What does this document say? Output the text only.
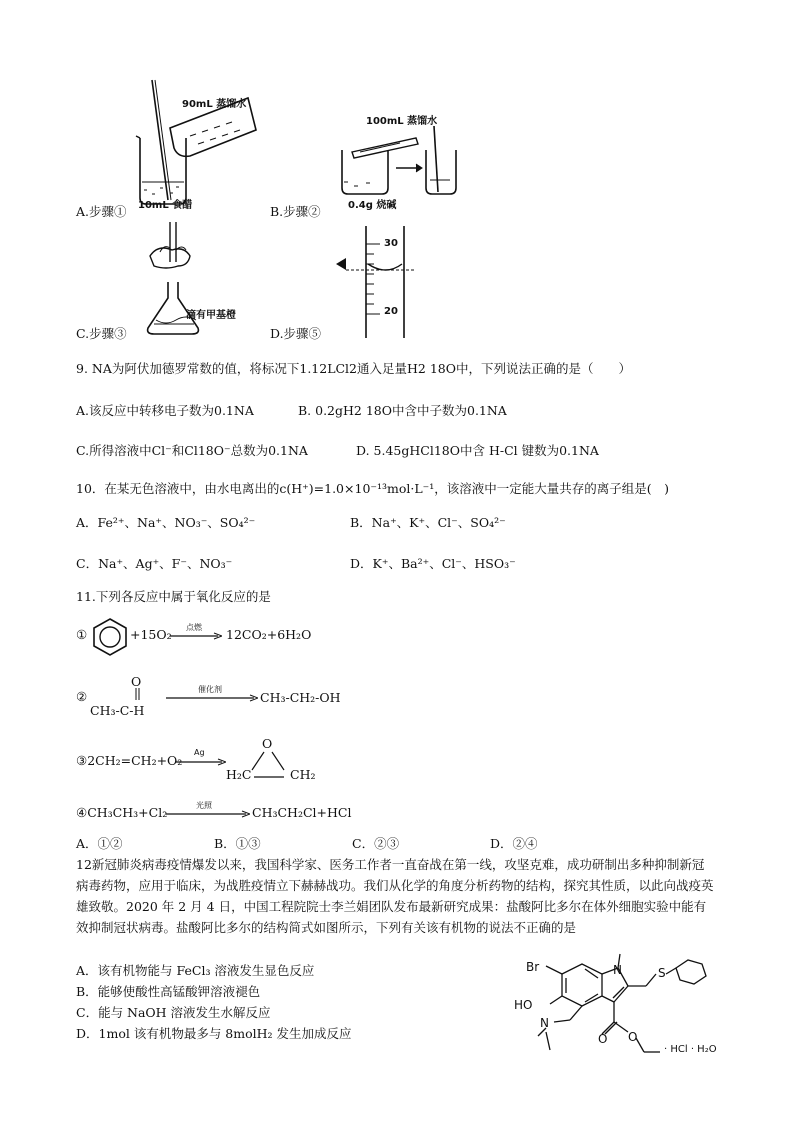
90mL 蒸馏水
10mL 食醋
A.步骤①
100mL 蒸馏水
0.4g 烧碱
B.步骤②
滴有甲基橙
C.步骤③
30
20
D.步骤⑤
9. NA为阿伏加德罗常数的值，将标况下1.12LCl2通入足量H2 18O中，下列说法正确的是（　　）
A.该反应中转移电子数为0.1NA	B. 0.2gH2 18O中含中子数为0.1NA
C.所得溶液中Cl⁻和Cl18O⁻总数为0.1NA	D. 5.45gHCl18O中含 H-Cl 键数为0.1NA
10．在某无色溶液中，由水电离出的c(H⁺)=1.0×10⁻¹³mol·L⁻¹，该溶液中一定能大量共存的离子组是(　)
A．Fe²⁺、Na⁺、NO₃⁻、SO₄²⁻	B．Na⁺、K⁺、Cl⁻、SO₄²⁻
C．Na⁺、Ag⁺、F⁻、NO₃⁻	D．K⁺、Ba²⁺、Cl⁻、HSO₃⁻
11.下列各反应中属于氧化反应的是
①	+15O₂ 点燃 12CO₂+6H₂O
②
O
CH₃-C-H
催化剂
CH₃-CH₂-OH
③2CH₂=CH₂+O₂
Ag
O
H₂C	CH₂
④CH₃CH₃+Cl₂	光照	CH₃CH₂Cl+HCl
A．①②	B．①③	C．②③	D．②④
12新冠肺炎病毒疫情爆发以来，我国科学家、医务工作者一直奋战在第一线，攻坚克难，成功研制出多种抑制新冠病毒药物，应用于临床，为战胜疫情立下赫赫战功。我们从化学的角度分析药物的结构，探究其性质，以此向战疫英雄致敬。2020 年 2 月 4 日，中国工程院院士李兰娟团队发布最新研究成果：盐酸阿比多尔在体外细胞实验中能有效抑制冠状病毒。盐酸阿比多尔的结构简式如图所示，下列有关该有机物的说法不正确的是
A．该有机物能与 FeCl₃ 溶液发生显色反应
B．能够使酸性高锰酸钾溶液褪色
C．能与 NaOH 溶液发生水解反应
D．1mol 该有机物最多与 8molH₂ 发生加成反应
Br	N
HO
S
O O
N
· HCl · H₂O
